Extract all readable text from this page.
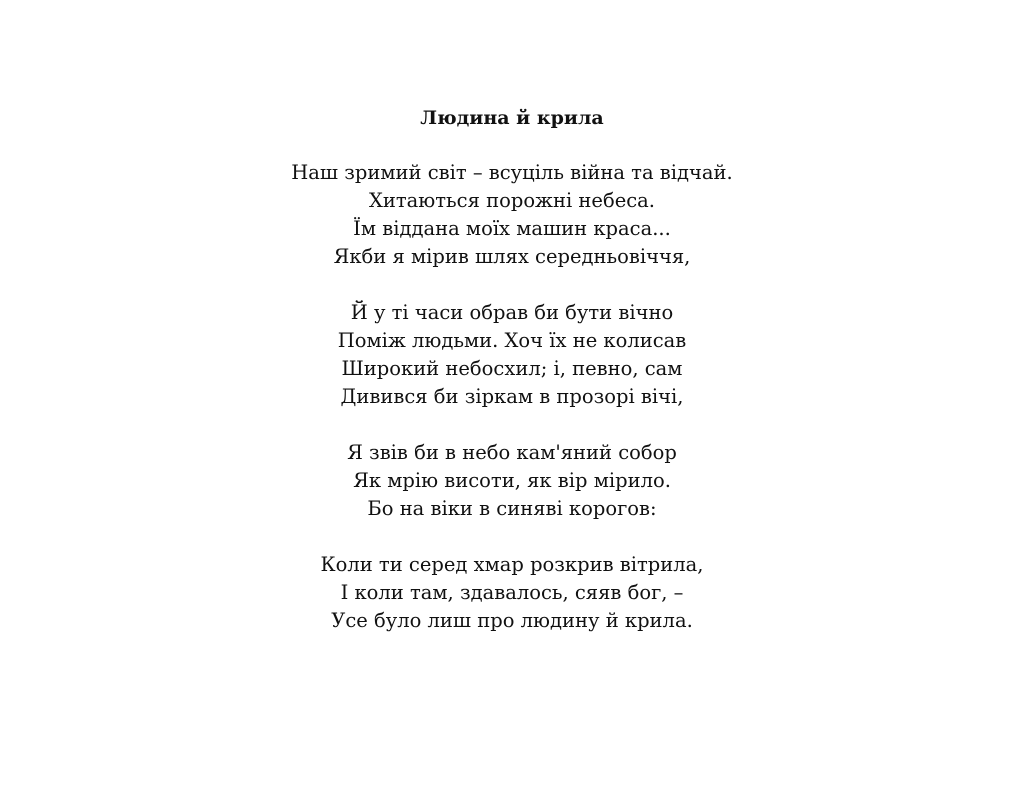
Людина й крила
Наш зримий світ – всуціль війна та відчай.
Хитаються порожні небеса.
Їм віддана моїх машин краса...
Якби я мірив шлях середньовіччя,
Й у ті часи обрав би бути вічно
Поміж людьми. Хоч їх не колисав
Широкий небосхил; і, певно, сам
Дивився би зіркам в прозорі вічі,
Я звів би в небо кам'яний собор
Як мрію висоти, як вір мірило.
Бо на віки в синяві корогов:
Коли ти серед хмар розкрив вітрила,
І коли там, здавалось, сяяв бог, –
Усе було лиш про людину й крила.
